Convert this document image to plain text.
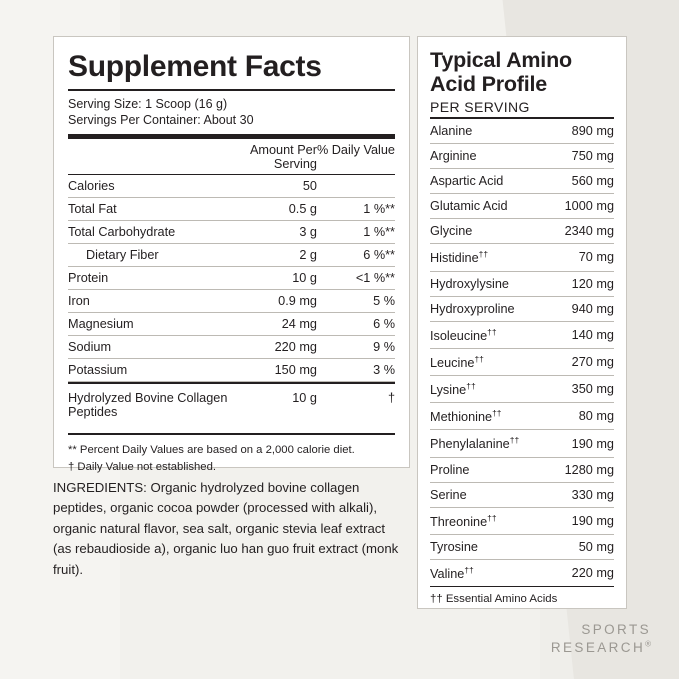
Supplement Facts
Serving Size: 1 Scoop (16 g)
Servings Per Container: About 30
	Amount Per Serving	% Daily Value
Calories	50	
Total Fat	0.5 g	1 %**
Total Carbohydrate	3 g	1 %**
Dietary Fiber	2 g	6 %**
Protein	10 g	<1 %**
Iron	0.9 mg	5 %
Magnesium	24 mg	6 %
Sodium	220 mg	9 %
Potassium	150 mg	3 %

Hydrolyzed Bovine Collagen Peptides	10 g	†
** Percent Daily Values are based on a 2,000 calorie diet.
† Daily Value not established.
INGREDIENTS: Organic hydrolyzed bovine collagen peptides, organic cocoa powder (processed with alkali), organic natural flavor, sea salt, organic stevia leaf extract (as rebaudioside a), organic luo han guo fruit extract (monk fruit).
Typical Amino Acid Profile
PER SERVING
Alanine	890 mg
Arginine	750 mg
Aspartic Acid	560 mg
Glutamic Acid	1000 mg
Glycine	2340 mg
Histidine††	70 mg
Hydroxylysine	120 mg
Hydroxyproline	940 mg
Isoleucine††	140 mg
Leucine††	270 mg
Lysine††	350 mg
Methionine††	80 mg
Phenylalanine††	190 mg
Proline	1280 mg
Serine	330 mg
Threonine††	190 mg
Tyrosine	50 mg
Valine††	220 mg
†† Essential Amino Acids
SPORTS
RESEARCH®
